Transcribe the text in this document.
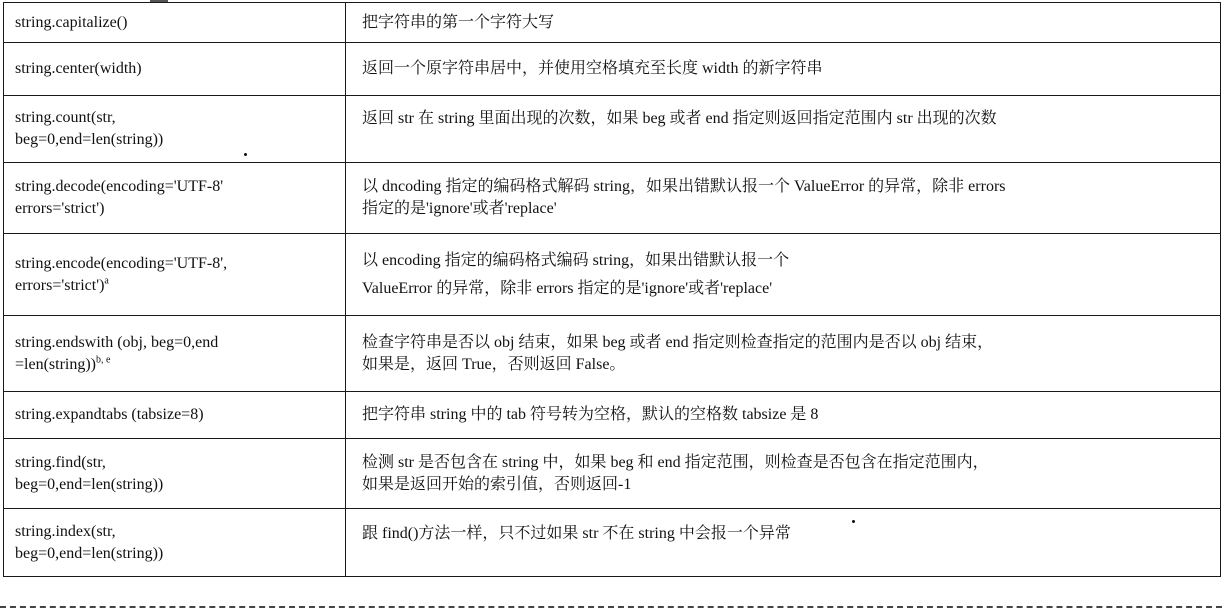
string.capitalize()	把字符串的第一个字符大写

string.center(width)	返回一个原字符串居中，并使用空格填充至长度 width 的新字符串

string.count(str,
beg=0,end=len(string))	返回 str 在 string 里面出现的次数，如果 beg 或者 end 指定则返回指定范围内 str 出现的次数

string.decode(encoding='UTF-8'
errors='strict')	以 dncoding 指定的编码格式解码 string，如果出错默认报一个 ValueError 的异常，除非 errors
指定的是'ignore'或者'replace'

string.encode(encoding='UTF-8',
errors='strict')$^a$	以 encoding 指定的编码格式编码 string，如果出错默认报一个
ValueError 的异常，除非 errors 指定的是'ignore'或者'replace'

string.endswith (obj, beg=0,end
=len(string))$^{b, e}$	检查字符串是否以 obj 结束，如果 beg 或者 end 指定则检查指定的范围内是否以 obj 结束，
如果是，返回 True，否则返回 False。

string.expandtabs (tabsize=8)	把字符串 string 中的 tab 符号转为空格，默认的空格数 tabsize 是 8

string.find(str,
beg=0,end=len(string))	检测 str 是否包含在 string 中，如果 beg 和 end 指定范围，则检查是否包含在指定范围内，
如果是返回开始的索引值，否则返回-1

string.index(str,
beg=0,end=len(string))	跟 find()方法一样，只不过如果 str 不在 string 中会报一个异常
